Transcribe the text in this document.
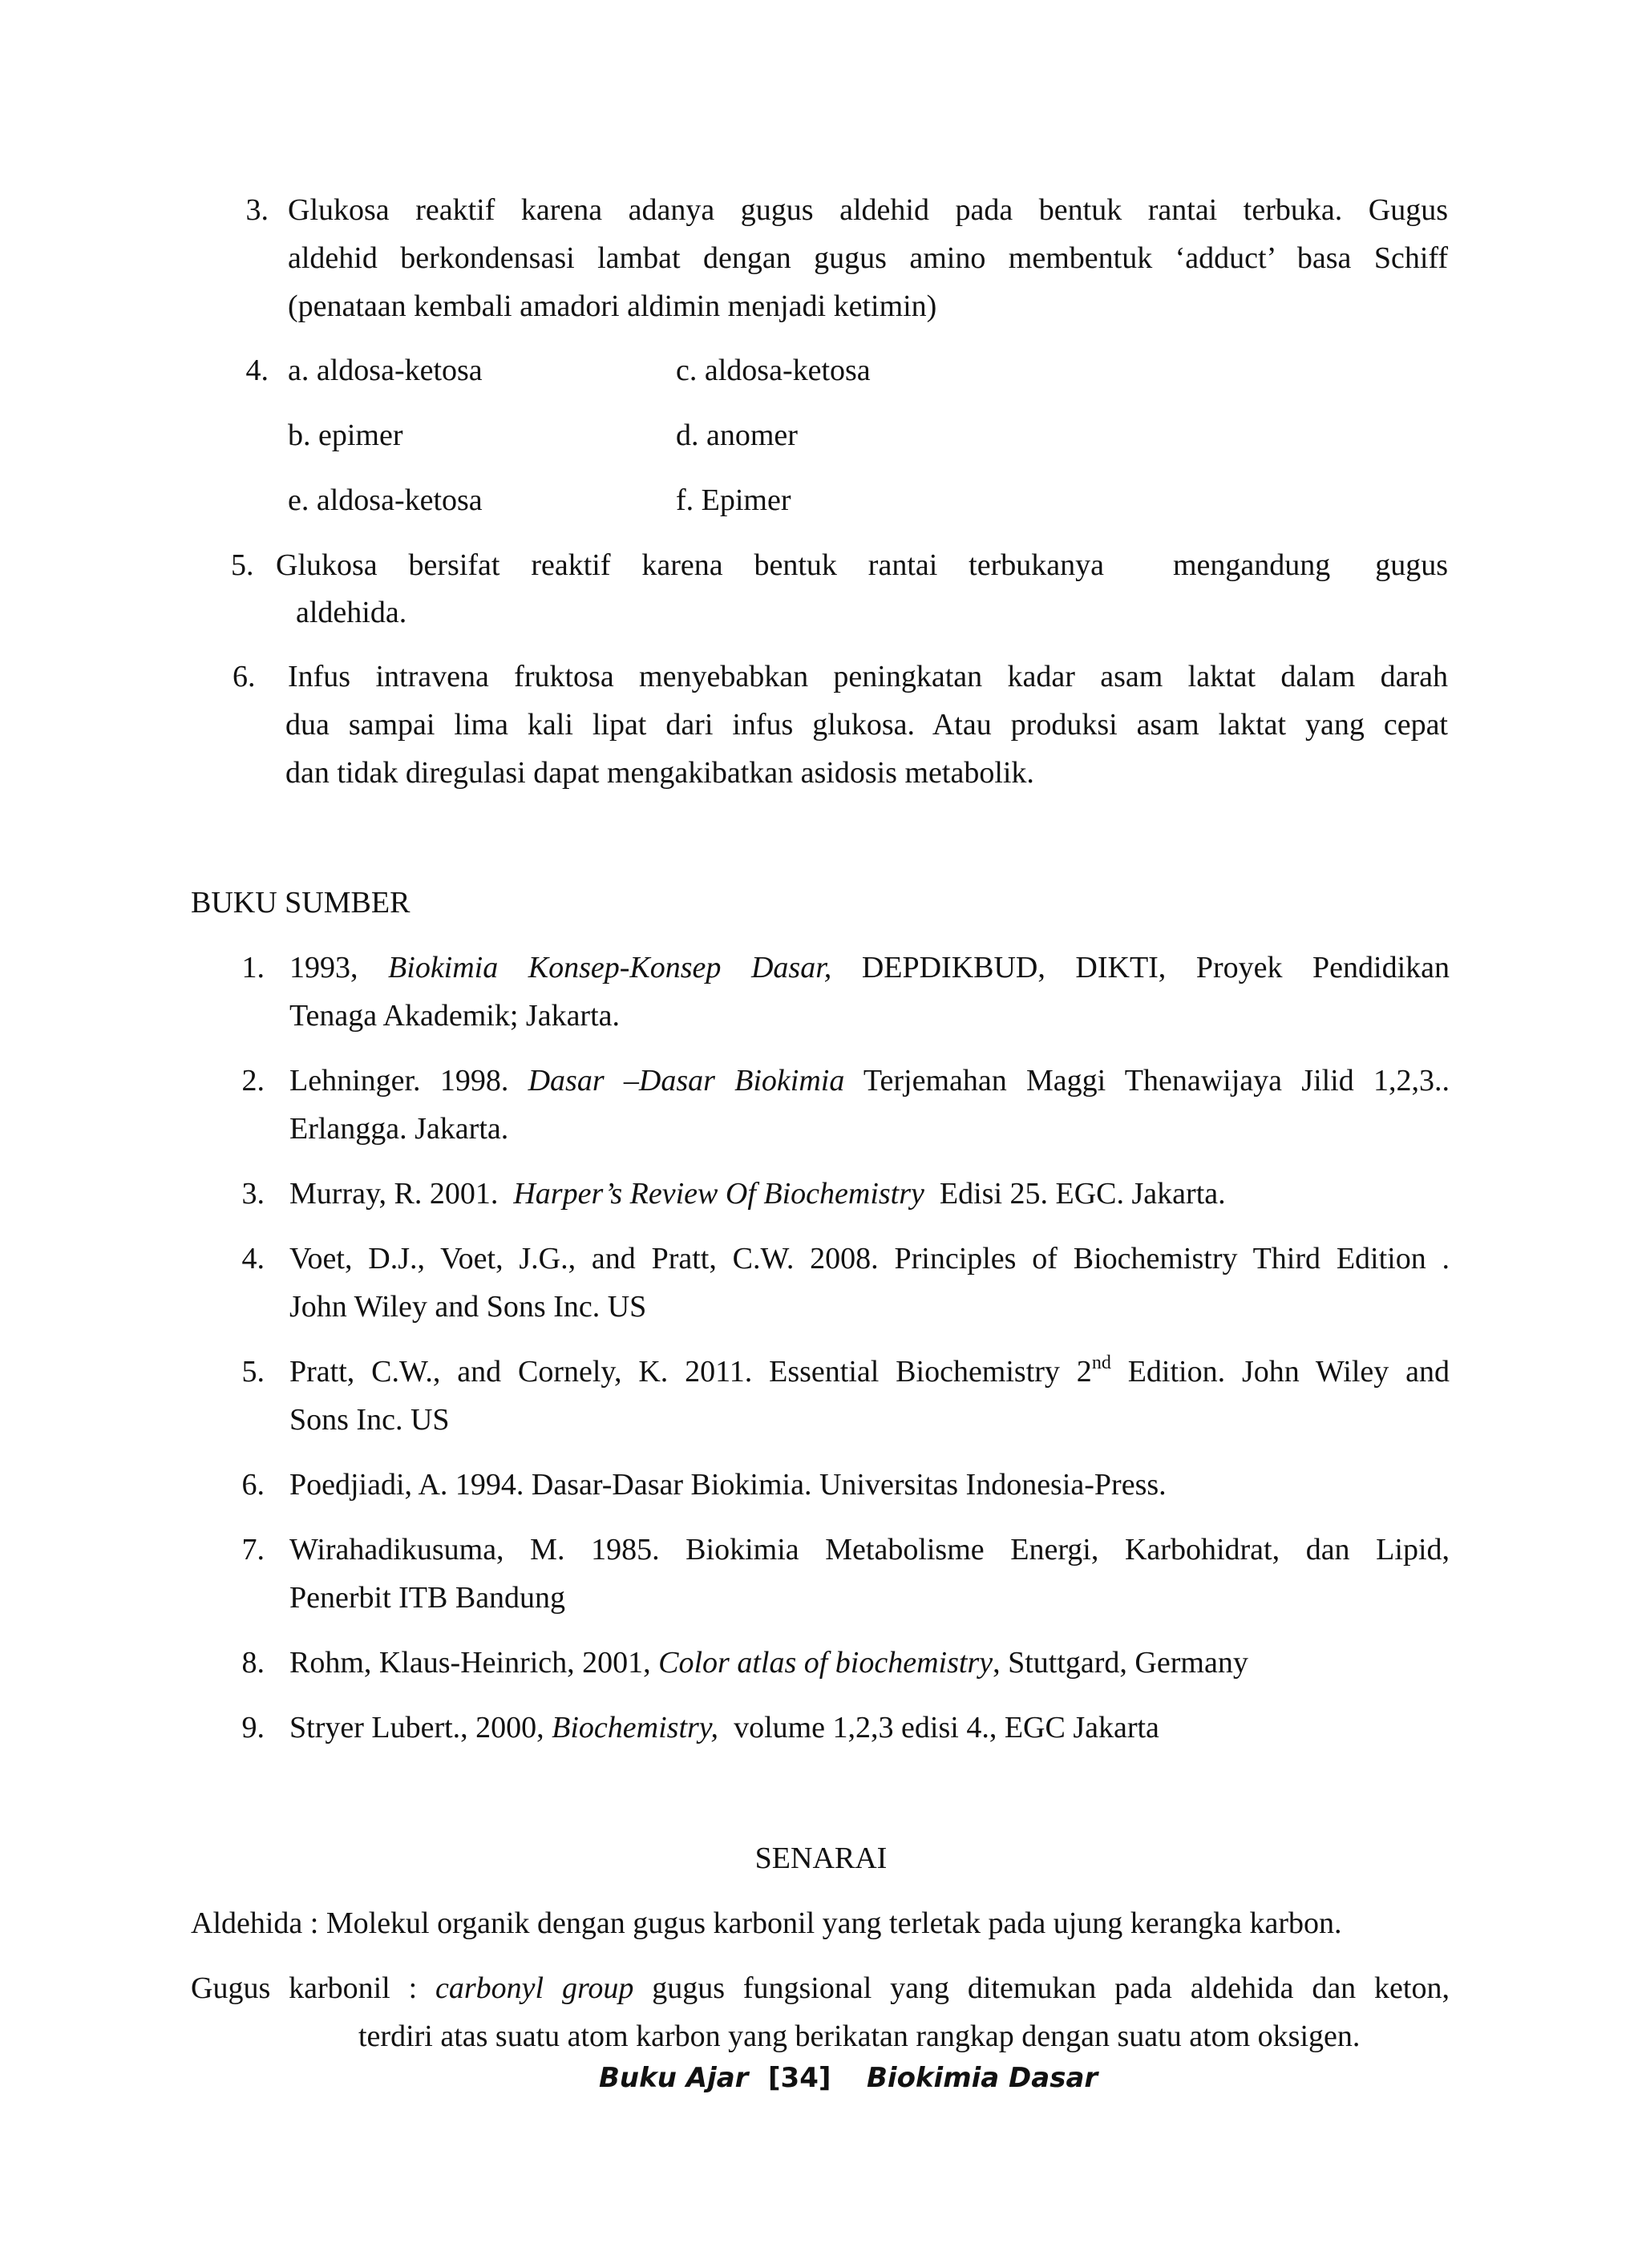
3. Glukosa reaktif karena adanya gugus aldehid pada bentuk rantai terbuka. Gugus
aldehid berkondensasi lambat dengan gugus amino membentuk ‘adduct’ basa Schiff
(penataan kembali amadori aldimin menjadi ketimin)
4. a. aldosa-ketosa	c. aldosa-ketosa
b. epimer	d. anomer
e. aldosa-ketosa	f. Epimer
5. Glukosa bersifat reaktif karena bentuk rantai terbukanya mengandung gugus
aldehida.
6. Infus intravena fruktosa menyebabkan peningkatan kadar asam laktat dalam darah
dua sampai lima kali lipat dari infus glukosa. Atau produksi asam laktat yang cepat
dan tidak diregulasi dapat mengakibatkan asidosis metabolik.
BUKU SUMBER
1. 1993, Biokimia Konsep-Konsep Dasar, DEPDIKBUD, DIKTI, Proyek Pendidikan
Tenaga Akademik; Jakarta.
2. Lehninger. 1998. Dasar –Dasar Biokimia Terjemahan Maggi Thenawijaya Jilid 1,2,3..
Erlangga. Jakarta.
3. Murray, R. 2001.  Harper’s Review Of Biochemistry  Edisi 25. EGC. Jakarta.
4. Voet, D.J., Voet, J.G., and Pratt, C.W. 2008. Principles of Biochemistry Third Edition .
John Wiley and Sons Inc. US
5. Pratt, C.W., and Cornely, K. 2011. Essential Biochemistry 2nd Edition. John Wiley and
Sons Inc. US
6. Poedjiadi, A. 1994. Dasar-Dasar Biokimia. Universitas Indonesia-Press.
7. Wirahadikusuma, M. 1985. Biokimia Metabolisme Energi, Karbohidrat, dan Lipid,
Penerbit ITB Bandung
8. Rohm, Klaus-Heinrich, 2001, Color atlas of biochemistry, Stuttgard, Germany
9. Stryer Lubert., 2000, Biochemistry,  volume 1,2,3 edisi 4., EGC Jakarta
SENARAI
Aldehida : Molekul organik dengan gugus karbonil yang terletak pada ujung kerangka karbon.
Gugus karbonil : carbonyl group gugus fungsional yang ditemukan pada aldehida dan keton,
terdiri atas suatu atom karbon yang berikatan rangkap dengan suatu atom oksigen.
Buku Ajar [34] Biokimia Dasar
